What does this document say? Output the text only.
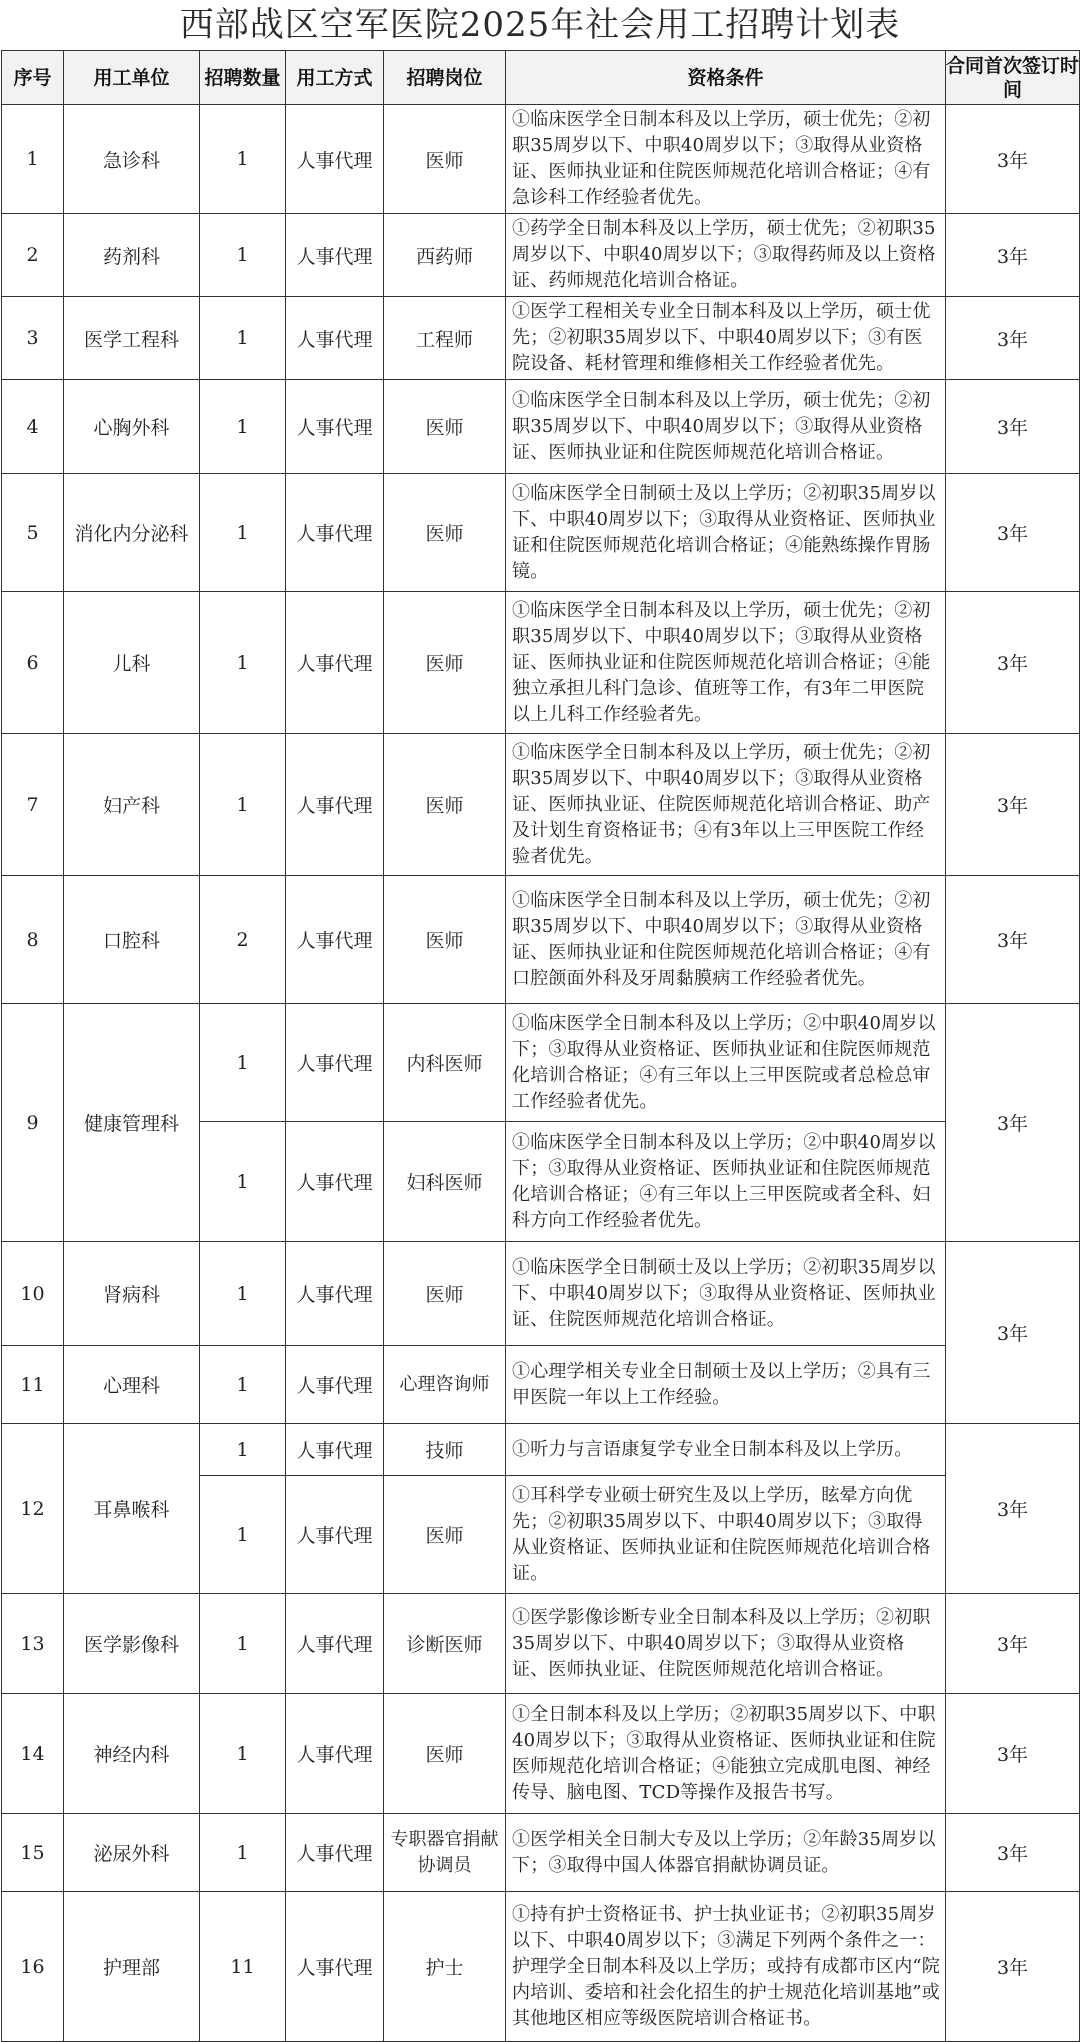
西部战区空军医院2025年社会用工招聘计划表
序号	用工单位	招聘数量	用工方式	招聘岗位	资格条件	合同首次签订时间
1	急诊科	1	人事代理	医师	①临床医学全日制本科及以上学历，硕士优先；②初职35周岁以下、中职40周岁以下；③取得从业资格证、医师执业证和住院医师规范化培训合格证；④有急诊科工作经验者优先。	3年
2	药剂科	1	人事代理	西药师	①药学全日制本科及以上学历，硕士优先；②初职35周岁以下、中职40周岁以下；③取得药师及以上资格证、药师规范化培训合格证。	3年
3	医学工程科	1	人事代理	工程师	①医学工程相关专业全日制本科及以上学历，硕士优先；②初职35周岁以下、中职40周岁以下；③有医院设备、耗材管理和维修相关工作经验者优先。	3年
4	心胸外科	1	人事代理	医师	①临床医学全日制本科及以上学历，硕士优先；②初职35周岁以下、中职40周岁以下；③取得从业资格证、医师执业证和住院医师规范化培训合格证。	3年
5	消化内分泌科	1	人事代理	医师	①临床医学全日制硕士及以上学历；②初职35周岁以下、中职40周岁以下；③取得从业资格证、医师执业证和住院医师规范化培训合格证；④能熟练操作胃肠镜。	3年
6	儿科	1	人事代理	医师	①临床医学全日制本科及以上学历，硕士优先；②初职35周岁以下、中职40周岁以下；③取得从业资格证、医师执业证和住院医师规范化培训合格证；④能独立承担儿科门急诊、值班等工作，有3年二甲医院以上儿科工作经验者先。	3年
7	妇产科	1	人事代理	医师	①临床医学全日制本科及以上学历，硕士优先；②初职35周岁以下、中职40周岁以下；③取得从业资格证、医师执业证、住院医师规范化培训合格证、助产及计划生育资格证书；④有3年以上三甲医院工作经验者优先。	3年
8	口腔科	2	人事代理	医师	①临床医学全日制本科及以上学历，硕士优先；②初职35周岁以下、中职40周岁以下；③取得从业资格证、医师执业证和住院医师规范化培训合格证；④有口腔颌面外科及牙周黏膜病工作经验者优先。	3年
9	健康管理科	1	人事代理	内科医师	①临床医学全日制本科及以上学历；②中职40周岁以下；③取得从业资格证、医师执业证和住院医师规范化培训合格证；④有三年以上三甲医院或者总检总审工作经验者优先。	3年
		1	人事代理	妇科医师	①临床医学全日制本科及以上学历；②中职40周岁以下；③取得从业资格证、医师执业证和住院医师规范化培训合格证；④有三年以上三甲医院或者全科、妇科方向工作经验者优先。	
10	肾病科	1	人事代理	医师	①临床医学全日制硕士及以上学历；②初职35周岁以下、中职40周岁以下；③取得从业资格证、医师执业证、住院医师规范化培训合格证。	3年
11	心理科	1	人事代理	心理咨询师	①心理学相关专业全日制硕士及以上学历；②具有三甲医院一年以上工作经验。	
12	耳鼻喉科	1	人事代理	技师	①听力与言语康复学专业全日制本科及以上学历。	3年
		1	人事代理	医师	①耳科学专业硕士研究生及以上学历，眩晕方向优先；②初职35周岁以下、中职40周岁以下；③取得从业资格证、医师执业证和住院医师规范化培训合格证。	
13	医学影像科	1	人事代理	诊断医师	①医学影像诊断专业全日制本科及以上学历；②初职35周岁以下、中职40周岁以下；③取得从业资格证、医师执业证、住院医师规范化培训合格证。	3年
14	神经内科	1	人事代理	医师	①全日制本科及以上学历；②初职35周岁以下、中职40周岁以下；③取得从业资格证、医师执业证和住院医师规范化培训合格证；④能独立完成肌电图、神经传导、脑电图、TCD等操作及报告书写。	3年
15	泌尿外科	1	人事代理	专职器官捐献协调员	①医学相关全日制大专及以上学历；②年龄35周岁以下；③取得中国人体器官捐献协调员证。	3年
16	护理部	11	人事代理	护士	①持有护士资格证书、护士执业证书；②初职35周岁以下、中职40周岁以下；③满足下列两个条件之一：护理学全日制本科及以上学历；或持有成都市区内“院内培训、委培和社会化招生的护士规范化培训基地”或其他地区相应等级医院培训合格证书。	3年
